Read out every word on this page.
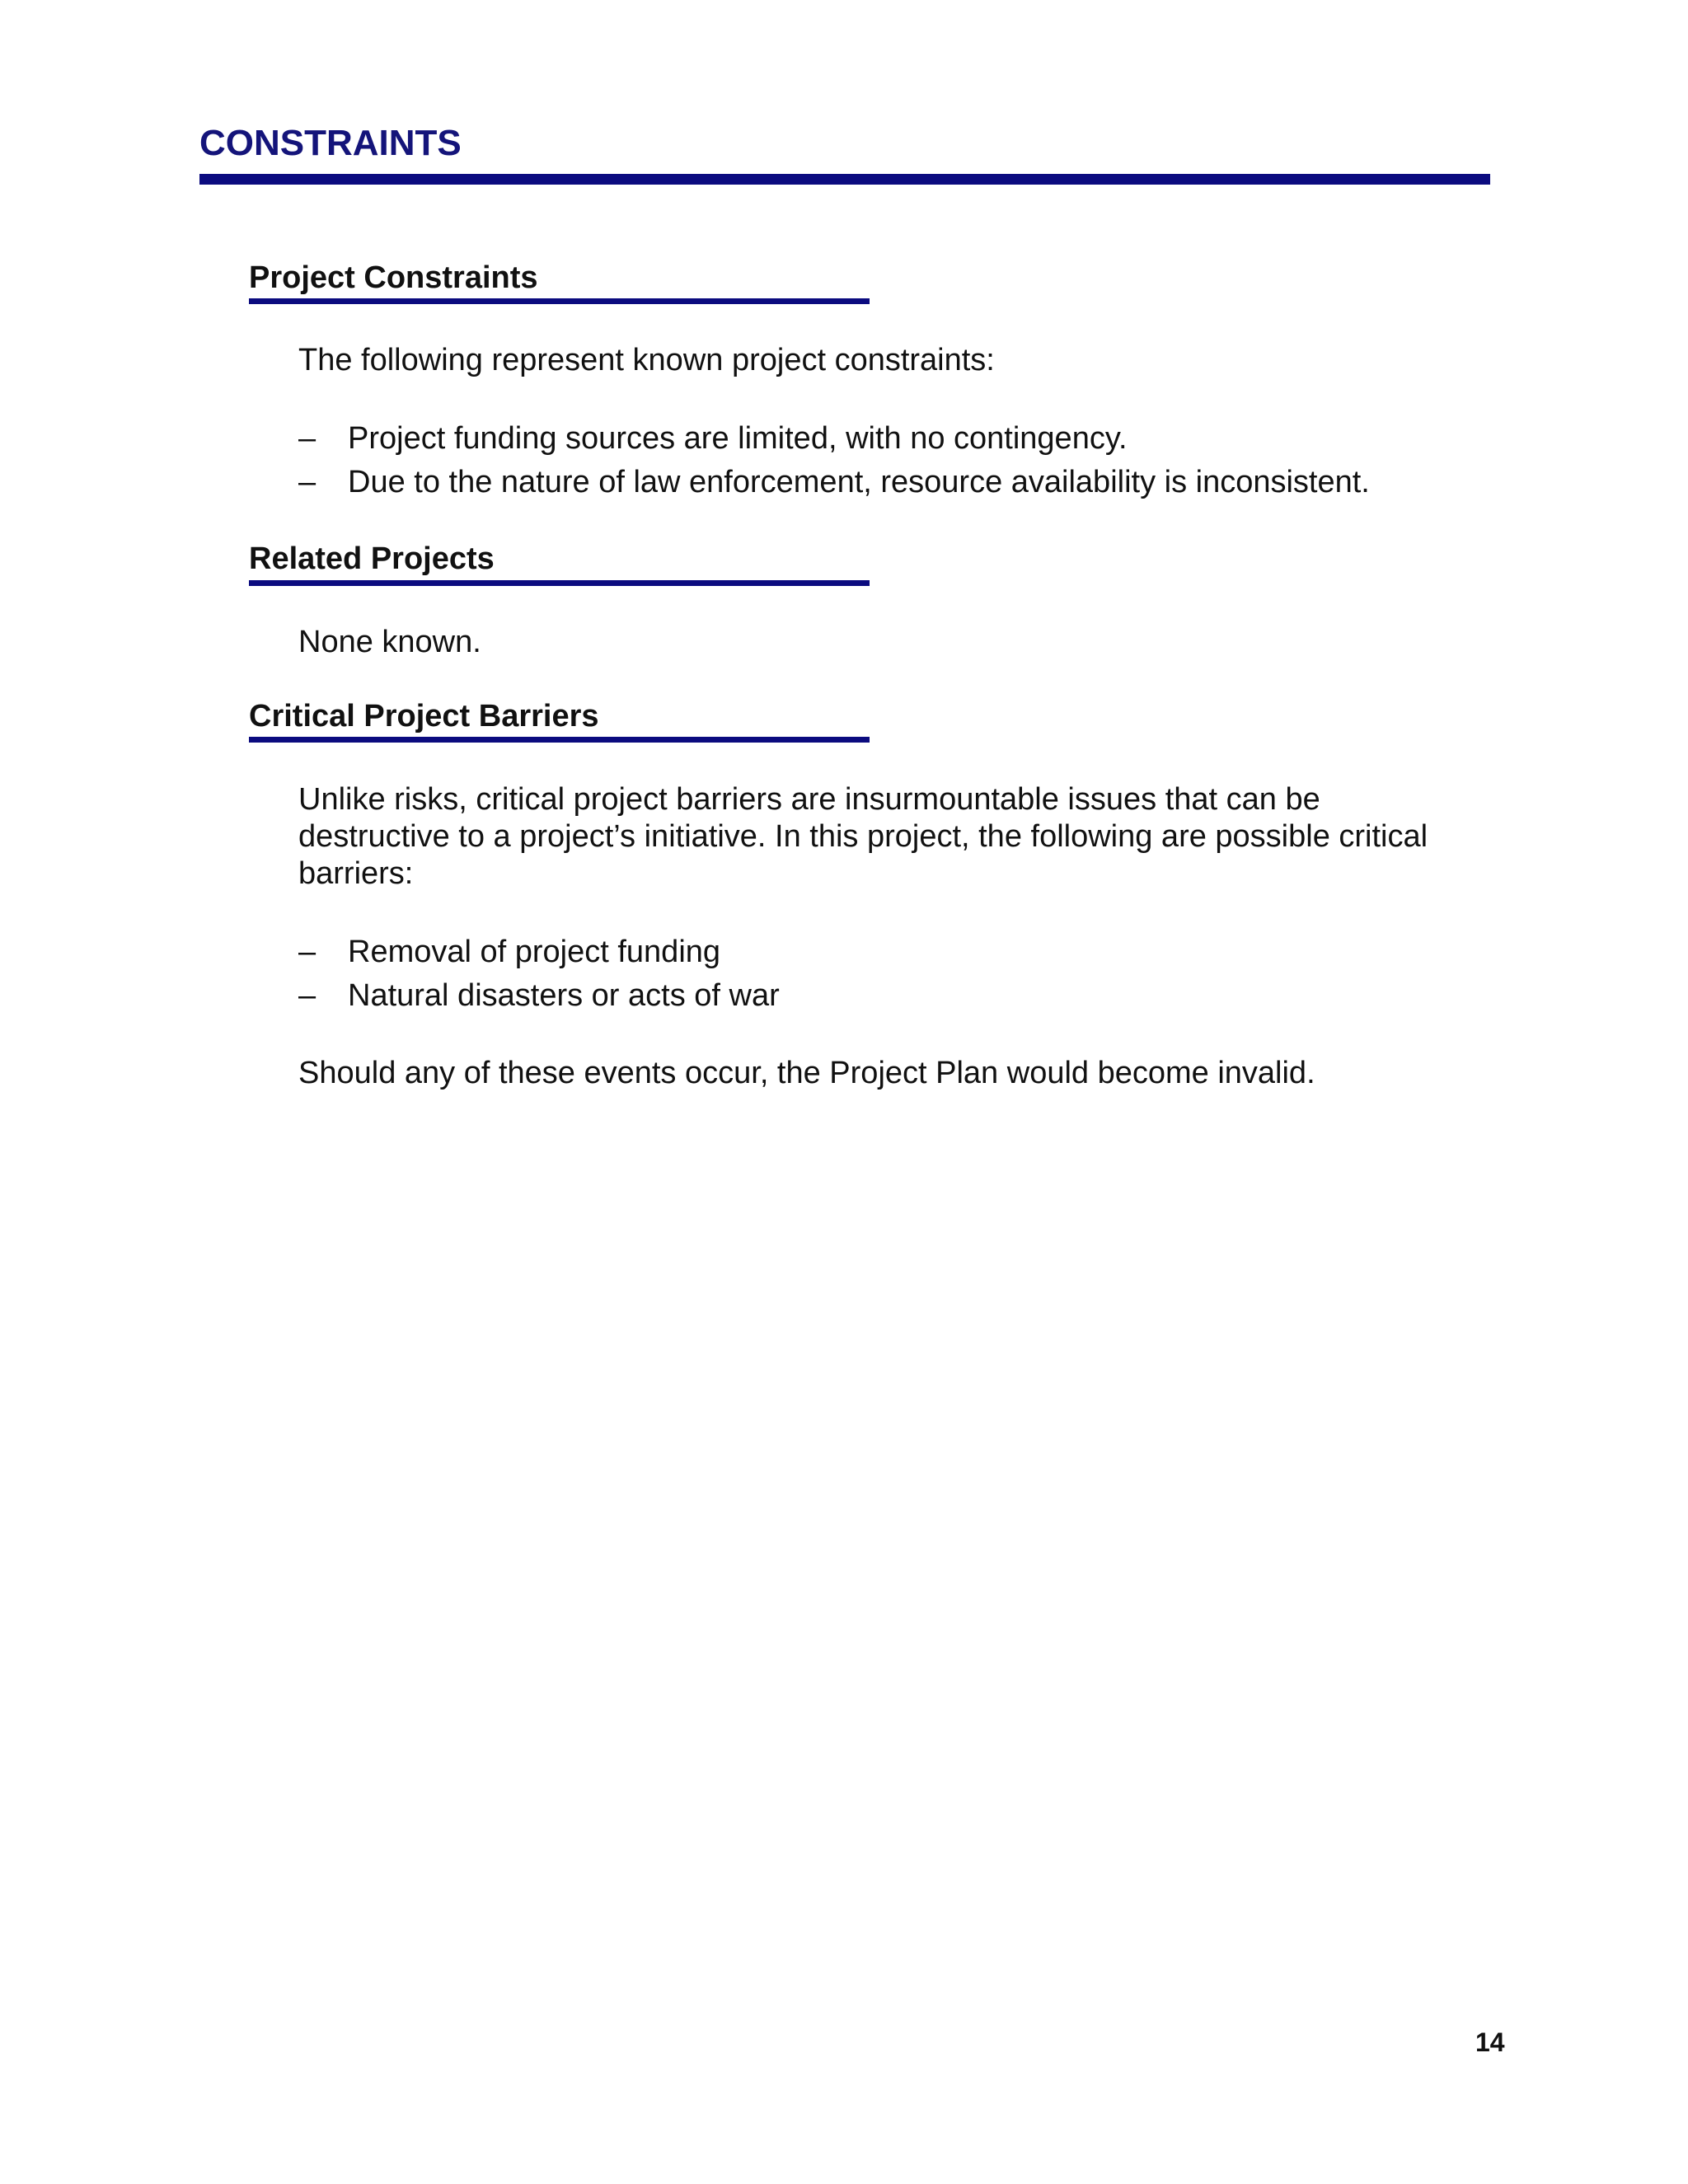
CONSTRAINTS
Project Constraints

The following represent known project constraints:

– Project funding sources are limited, with no contingency.
– Due to the nature of law enforcement, resource availability is inconsistent.
Related Projects

None known.

Critical Project Barriers

Unlike risks, critical project barriers are insurmountable issues that can be destructive to a project’s initiative. In this project, the following are possible critical barriers:

– Removal of project funding
– Natural disasters or acts of war

Should any of these events occur, the Project Plan would become invalid.

14
